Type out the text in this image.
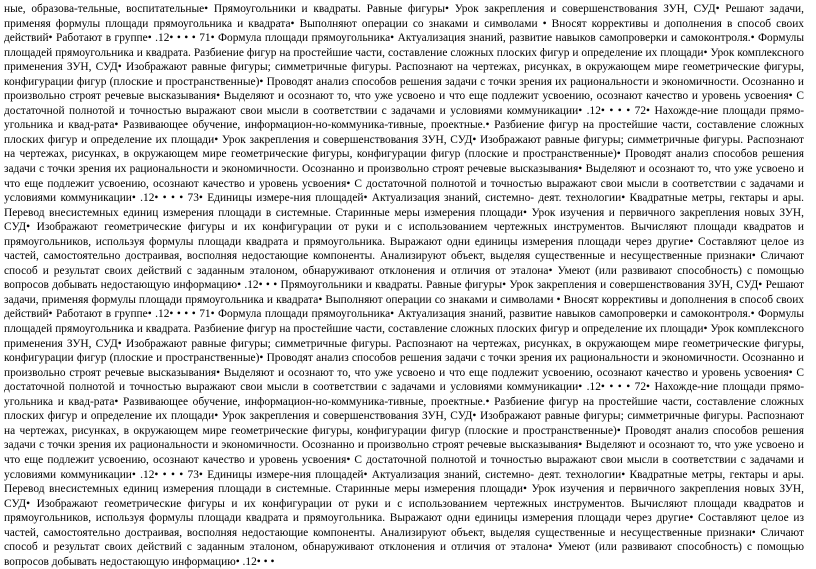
ные, образова-тельные, воспитательные• Прямоугольники и квадраты. Равные фигуры• Урок закрепления и совершенствования ЗУН, СУД• Решают задачи, применяя формулы площади прямоугольника и квадрата• Выполняют операции со знаками и символами • Вносят коррективы и дополнения в способ своих действий• Работают в группе• .12• • • • 71• Формула площади прямоугольника• Актуализация знаний, развитие навыков самопроверки и самоконтроля.• Формулы площадей прямоугольника и квадрата. Разбиение фигур на простейшие части, составление сложных плоских фигур и определение их площади• Урок комплексного применения ЗУН, СУД• Изображают равные фигуры; симметричные фигуры. Распознают на чертежах, рисунках, в окружающем мире геометрические фигуры, конфигурации фигур (плоские и пространственные)• Проводят анализ способов решения задачи с точки зрения их рациональности и экономичности. Осознанно и произвольно строят речевые высказывания• Выделяют и осознают то, что уже усвоено и что еще подлежит усвоению, осознают качество и уровень усвоения• С достаточной полнотой и точностью выражают свои мысли в соответствии с задачами и условиями коммуникации• .12• • • • 72• Нахожде-ние площади прямо-угольника и квад-рата• Развивающее обучение, информацион-но-коммуника-тивные, проектные.• Разбиение фигур на простейшие части, составление сложных плоских фигур и определение их площади• Урок закрепления и совершенствования ЗУН, СУД• Изображают равные фигуры; симметричные фигуры. Распознают на чертежах, рисунках, в окружающем мире геометрические фигуры, конфигурации фигур (плоские и пространственные)• Проводят анализ способов решения задачи с точки зрения их рациональности и экономичности. Осознанно и произвольно строят речевые высказывания• Выделяют и осознают то, что уже усвоено и что еще подлежит усвоению, осознают качество и уровень усвоения• С достаточной полнотой и точностью выражают свои мысли в соответствии с задачами и условиями коммуникации• .12• • • • 73• Единицы измере-ния площадей• Актуализация знаний, системно- деят. технологии• Квадратные метры, гектары и ары. Перевод внесистемных единиц измерения площади в системные. Старинные меры измерения площади• Урок изучения и первичного закрепления новых ЗУН, СУД• Изображают геометрические фигуры и их конфигурации от руки и с использованием чертежных инструментов. Вычисляют площади квадратов и прямоугольников, используя формулы площади квадрата и прямоугольника. Выражают одни единицы измерения площади через другие• Составляют целое из частей, самостоятельно достраивая, восполняя недостающие компоненты. Анализируют объект, выделяя существенные и несущественные признаки• Сличают способ и результат своих действий с заданным эталоном, обнаруживают отклонения и отличия от эталона• Умеют (или развивают способность) с помощью вопросов добывать недостающую информацию• .12• • • Прямоугольники и квадраты. Равные фигуры• Урок закрепления и совершенствования ЗУН, СУД• Решают задачи, применяя формулы площади прямоугольника и квадрата• Выполняют операции со знаками и символами • Вносят коррективы и дополнения в способ своих действий• Работают в группе• .12• • • • 71• Формула площади прямоугольника• Актуализация знаний, развитие навыков самопроверки и самоконтроля.• Формулы площадей прямоугольника и квадрата. Разбиение фигур на простейшие части, составление сложных плоских фигур и определение их площади• Урок комплексного применения ЗУН, СУД• Изображают равные фигуры; симметричные фигуры. Распознают на чертежах, рисунках, в окружающем мире геометрические фигуры, конфигурации фигур (плоские и пространственные)• Проводят анализ способов решения задачи с точки зрения их рациональности и экономичности. Осознанно и произвольно строят речевые высказывания• Выделяют и осознают то, что уже усвоено и что еще подлежит усвоению, осознают качество и уровень усвоения• С достаточной полнотой и точностью выражают свои мысли в соответствии с задачами и условиями коммуникации• .12• • • • 72• Нахожде-ние площади прямо-угольника и квад-рата• Развивающее обучение, информацион-но-коммуника-тивные, проектные.• Разбиение фигур на простейшие части, составление сложных плоских фигур и определение их площади• Урок закрепления и совершенствования ЗУН, СУД• Изображают равные фигуры; симметричные фигуры. Распознают на чертежах, рисунках, в окружающем мире геометрические фигуры, конфигурации фигур (плоские и пространственные)• Проводят анализ способов решения задачи с точки зрения их рациональности и экономичности. Осознанно и произвольно строят речевые высказывания• Выделяют и осознают то, что уже усвоено и что еще подлежит усвоению, осознают качество и уровень усвоения• С достаточной полнотой и точностью выражают свои мысли в соответствии с задачами и условиями коммуникации• .12• • • • 73• Единицы измере-ния площадей• Актуализация знаний, системно- деят. технологии• Квадратные метры, гектары и ары. Перевод внесистемных единиц измерения площади в системные. Старинные меры измерения площади• Урок изучения и первичного закрепления новых ЗУН, СУД• Изображают геометрические фигуры и их конфигурации от руки и с использованием чертежных инструментов. Вычисляют площади квадратов и прямоугольников, используя формулы площади квадрата и прямоугольника. Выражают одни единицы измерения площади через другие• Составляют целое из частей, самостоятельно достраивая, восполняя недостающие компоненты. Анализируют объект, выделяя существенные и несущественные признаки• Сличают способ и результат своих действий с заданным эталоном, обнаруживают отклонения и отличия от эталона• Умеют (или развивают способность) с помощью вопросов добывать недостающую информацию• .12• • •
